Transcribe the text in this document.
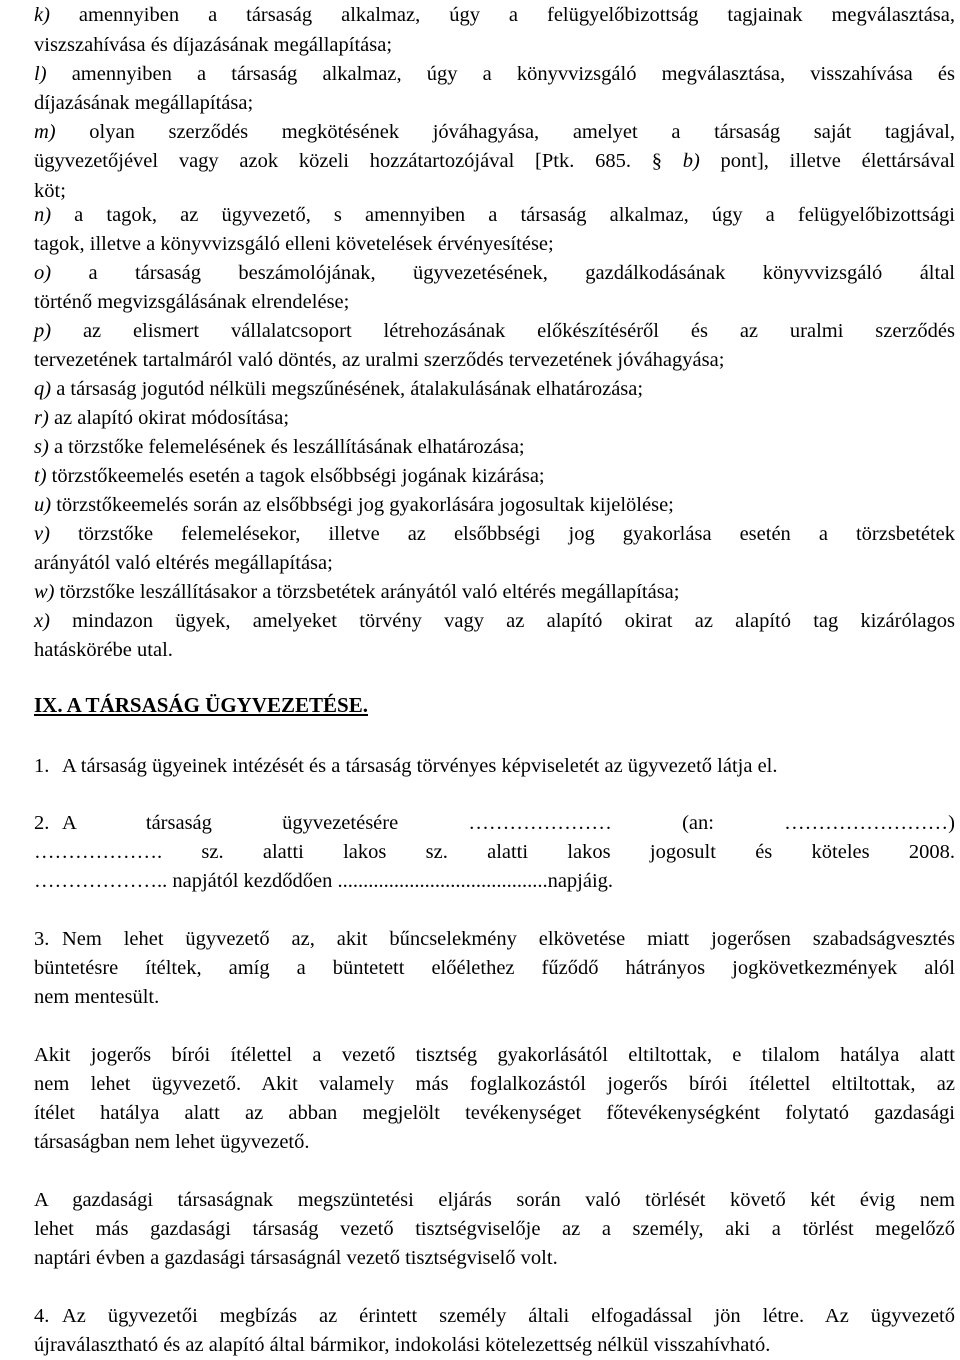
k) amennyiben a társaság alkalmaz, úgy a felügyelőbizottság tagjainak megválasztása,
viszszahívása és díjazásának megállapítása;
l) amennyiben a társaság alkalmaz, úgy a könyvvizsgáló megválasztása, visszahívása és
díjazásának megállapítása;
m) olyan szerződés megkötésének jóváhagyása, amelyet a társaság saját tagjával,
ügyvezetőjével vagy azok közeli hozzátartozójával [Ptk. 685. § b) pont], illetve élettársával
köt;
n) a tagok, az ügyvezető, s amennyiben a társaság alkalmaz, úgy a felügyelőbizottsági
tagok, illetve a könyvvizsgáló elleni követelések érvényesítése;
o) a társaság beszámolójának, ügyvezetésének, gazdálkodásának könyvvizsgáló által
történő megvizsgálásának elrendelése;
p) az elismert vállalatcsoport létrehozásának előkészítéséről és az uralmi szerződés
tervezetének tartalmáról való döntés, az uralmi szerződés tervezetének jóváhagyása;
q) a társaság jogutód nélküli megszűnésének, átalakulásának elhatározása;
r) az alapító okirat módosítása;
s) a törzstőke felemelésének és leszállításának elhatározása;
t) törzstőkeemelés esetén a tagok elsőbbségi jogának kizárása;
u) törzstőkeemelés során az elsőbbségi jog gyakorlására jogosultak kijelölése;
v) törzstőke felemelésekor, illetve az elsőbbségi jog gyakorlása esetén a törzsbetétek
arányától való eltérés megállapítása;
w) törzstőke leszállításakor a törzsbetétek arányától való eltérés megállapítása;
x) mindazon ügyek, amelyeket törvény vagy az alapító okirat az alapító tag kizárólagos
hatáskörébe utal.
IX. A TÁRSASÁG ÜGYVEZETÉSE.
1. A társaság ügyeinek intézését és a társaság törvényes képviseletét az ügyvezető látja el.
2. A társaság ügyvezetésére ………………… (an: ……………………)
………………. sz. alatti lakos sz. alatti lakos jogosult és köteles 2008.
……………….. napjától kezdődően .........................................napjáig.
3. Nem lehet ügyvezető az, akit bűncselekmény elkövetése miatt jogerősen szabadságvesztés
büntetésre ítéltek, amíg a büntetett előélethez fűződő hátrányos jogkövetkezmények alól
nem mentesült.
Akit jogerős bírói ítélettel a vezető tisztség gyakorlásától eltiltottak, e tilalom hatálya alatt
nem lehet ügyvezető. Akit valamely más foglalkozástól jogerős bírói ítélettel eltiltottak, az
ítélet hatálya alatt az abban megjelölt tevékenységet főtevékenységként folytató gazdasági
társaságban nem lehet ügyvezető.
A gazdasági társaságnak megszüntetési eljárás során való törlését követő két évig nem
lehet más gazdasági társaság vezető tisztségviselője az a személy, aki a törlést megelőző
naptári évben a gazdasági társaságnál vezető tisztségviselő volt.
4. Az ügyvezetői megbízás az érintett személy általi elfogadással jön létre. Az ügyvezető
újraválasztható és az alapító által bármikor, indokolási kötelezettség nélkül visszahívható.
